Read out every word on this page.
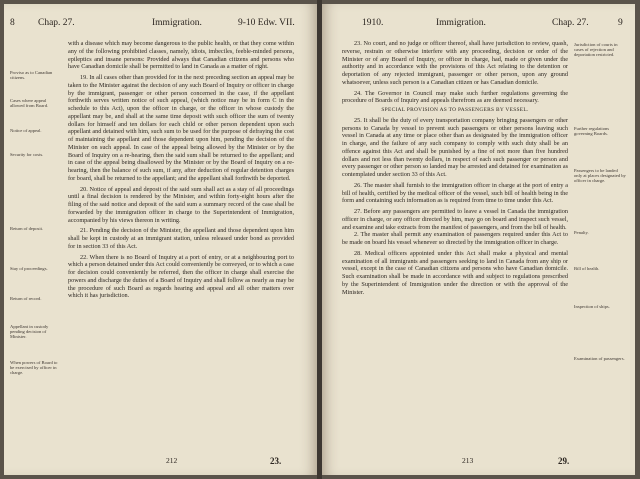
8 Chap. 27.	Immigration.	9-10 Edw. VII.
Proviso as to Canadian citizens.
Cases where appeal allowed from Board.
Notice of appeal.
Security for costs.
Return of deposit.
Stay of proceedings.
Return of record.
Appellant in custody pending decision of Minister.
When powers of Board to be exercised by officer in charge.

with a disease which may become dangerous to the public health, or that they come within any of the following prohibited classes, namely, idiots, imbeciles, feeble-minded persons, epileptics and insane persons: Provided always that Canadian citizens and persons who have Canadian domicile shall be permitted to land in Canada as a matter of right.

19. In all cases other than provided for in the next preceding section an appeal may be taken to the Minister against the decision of any such Board of Inquiry or officer in charge by the immigrant, passenger or other person concerned in the case, if the appellant forthwith serves written notice of such appeal, (which notice may be in form C in the schedule to this Act), upon the officer in charge, or the officer in whose custody the appellant may be, and shall at the same time deposit with such officer the sum of twenty dollars for himself and ten dollars for each child or other person dependent upon such appellant and detained with him, such sum to be used for the purpose of defraying the cost of maintaining the appellant and those dependent upon him, pending the decision of the Minister on such appeal. In case of the appeal being allowed by the Minister or by the Board of Inquiry on a re-hearing, then the said sum shall be returned to the appellant; and in case of the appeal being disallowed by the Minister or by the Board of Inquiry on a re-hearing, then the balance of such sum, if any, after deduction of regular detention charges for board, shall be returned to the appellant; and the appellant shall forthwith be deported.

20. Notice of appeal and deposit of the said sum shall act as a stay of all proceedings until a final decision is rendered by the Minister, and within forty-eight hours after the filing of the said notice and deposit of the said sum a summary record of the case shall be forwarded by the immigration officer in charge to the Superintendent of Immigration, accompanied by his views thereon in writing.

21. Pending the decision of the Minister, the appellant and those dependent upon him shall be kept in custody at an immigrant station, unless released under bond as provided for in section 33 of this Act.

22. When there is no Board of Inquiry at a port of entry, or at a neighbouring port to which a person detained under this Act could conveniently be conveyed, or to which a case for decision could conveniently be referred, then the officer in charge shall exercise the powers and discharge the duties of a Board of Inquiry and shall follow as nearly as may be the procedure of such Board as regards hearing and appeal and all other matters over which it has jurisdiction.

212	23.
1910.	Immigration.	Chap. 27.	9
Jurisdiction of courts in cases of rejection and deportation restricted.
Further regulations governing Boards.
Passengers to be landed only at places designated by officer in charge.
Penalty.
Bill of health.
Inspection of ships.
Examination of passengers.

23. No court, and no judge or officer thereof, shall have jurisdiction to review, quash, reverse, restrain or otherwise interfere with any proceeding, decision or order of the Minister or of any Board of Inquiry, or officer in charge, had, made or given under the authority and in accordance with the provisions of this Act relating to the detention or deportation of any rejected immigrant, passenger or other person, upon any ground whatsoever, unless such person is a Canadian citizen or has Canadian domicile.

24. The Governor in Council may make such further regulations governing the procedure of Boards of Inquiry and appeals therefrom as are deemed necessary.

SPECIAL PROVISION AS TO PASSENGERS BY VESSEL.

25. It shall be the duty of every transportation company bringing passengers or other persons to Canada by vessel to prevent such passengers or other persons leaving such vessel in Canada at any time or place other than as designated by the immigration officer in charge, and the failure of any such company to comply with such duty shall be an offence against this Act and shall be punished by a fine of not more than five hundred dollars and not less than twenty dollars, in respect of each such passenger or person and every passenger or other person so landed may be arrested and detained for examination as contemplated under section 33 of this Act.

26. The master shall furnish to the immigration officer in charge at the port of entry a bill of health, certified by the medical officer of the vessel, such bill of health being in the form and containing such information as is required from time to time under this Act.

27. Before any passengers are permitted to leave a vessel in Canada the immigration officer in charge, or any officer directed by him, may go on board and inspect such vessel, and examine and take extracts from the manifest of passengers, and from the bill of health.

2. The master shall permit any examination of passengers required under this Act to be made on board his vessel whenever so directed by the immigration officer in charge.

28. Medical officers appointed under this Act shall make a physical and mental examination of all immigrants and passengers seeking to land in Canada from any ship or vessel, except in the case of Canadian citizens and persons who have Canadian domicile. Such examination shall be made in accordance with and subject to regulations prescribed by the Superintendent of Immigration under the direction or with the approval of the Minister.

213	29.
